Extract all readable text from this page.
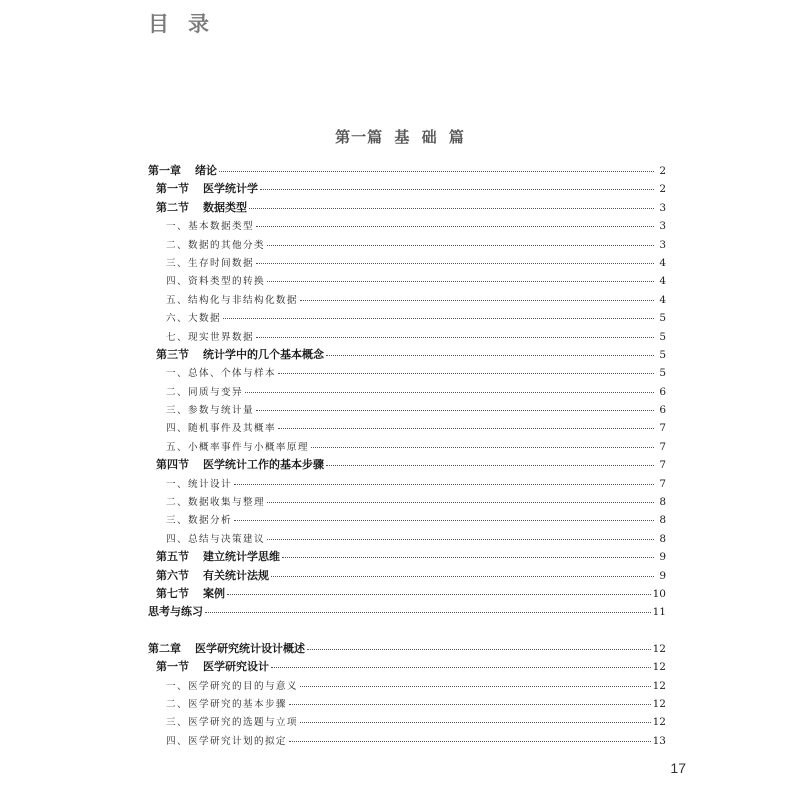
目录
第一篇 基 础 篇
第一章 绪论	2
第一节 医学统计学	2
第二节 数据类型	3
一、基本数据类型	3
二、数据的其他分类	3
三、生存时间数据	4
四、资料类型的转换	4
五、结构化与非结构化数据	4
六、大数据	5
七、现实世界数据	5
第三节 统计学中的几个基本概念	5
一、总体、个体与样本	5
二、同质与变异	6
三、参数与统计量	6
四、随机事件及其概率	7
五、小概率事件与小概率原理	7
第四节 医学统计工作的基本步骤	7
一、统计设计	7
二、数据收集与整理	8
三、数据分析	8
四、总结与决策建议	8
第五节 建立统计学思维	9
第六节 有关统计法规	9
第七节 案例	10
思考与练习	11
第二章 医学研究统计设计概述	12
第一节 医学研究设计	12
一、医学研究的目的与意义	12
二、医学研究的基本步骤	12
三、医学研究的选题与立项	12
四、医学研究计划的拟定	13
17
